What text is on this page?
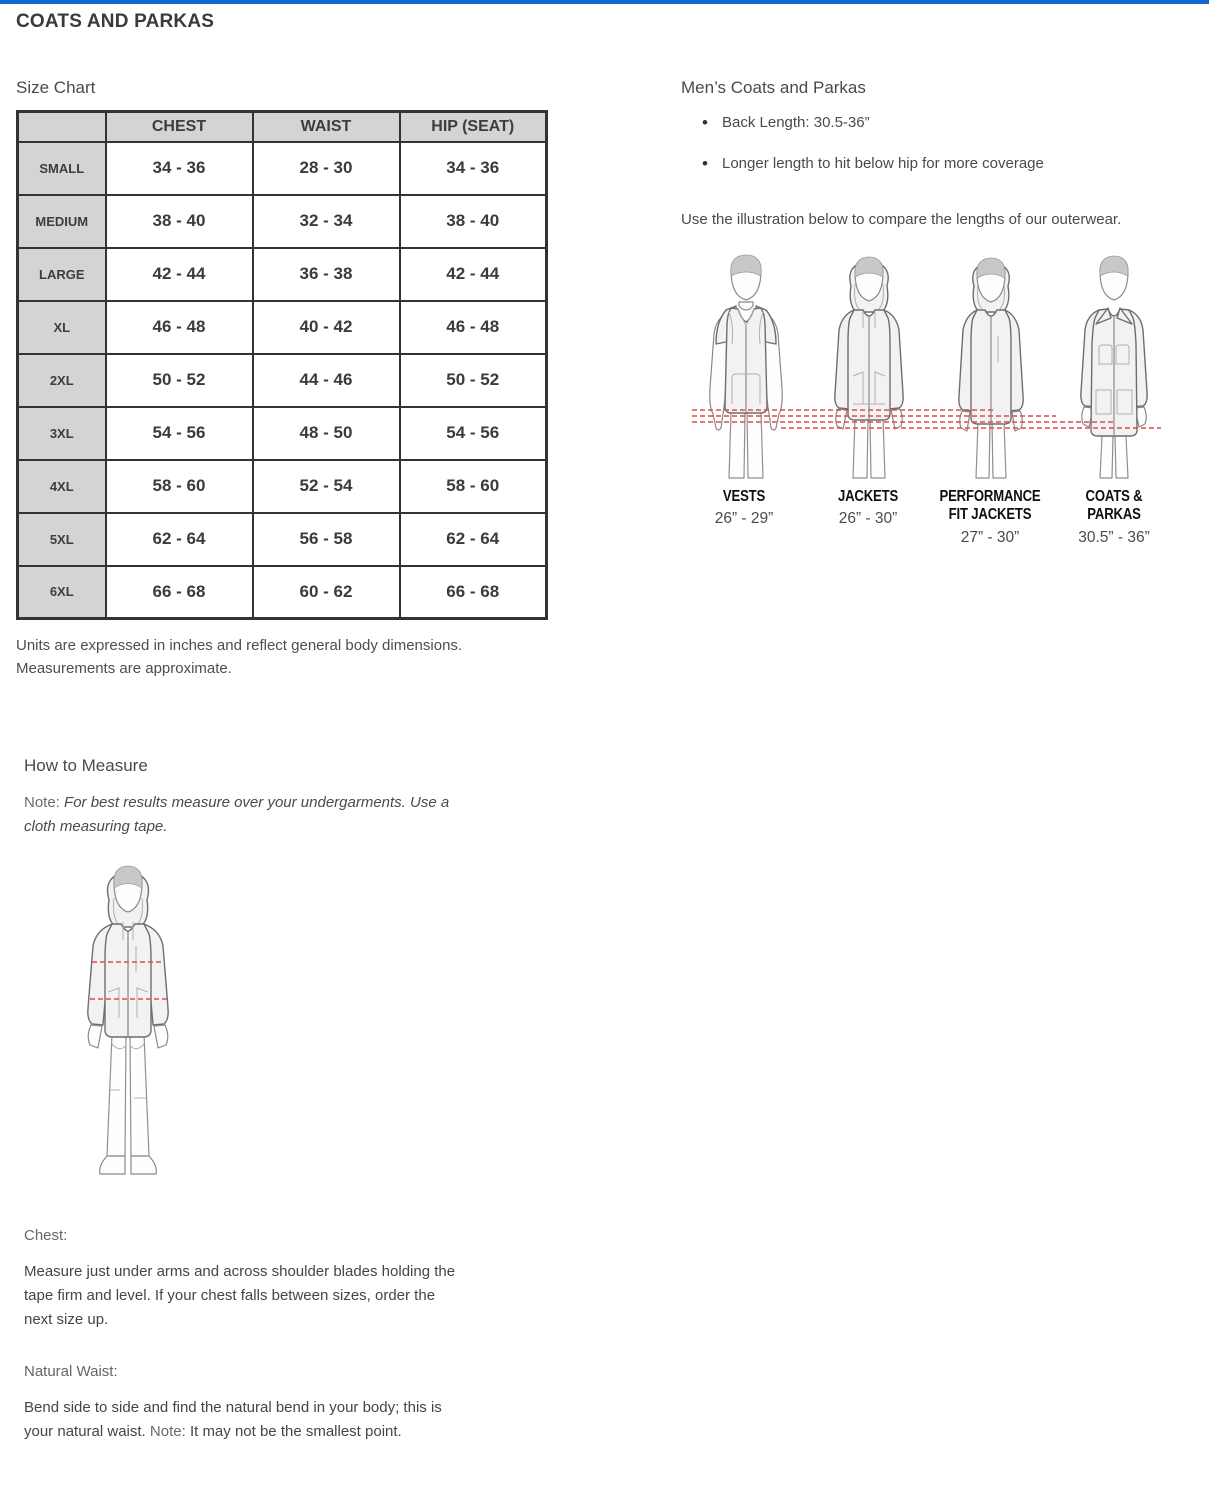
COATS AND PARKAS
Size Chart
	CHEST	WAIST	HIP (SEAT)
SMALL	34 - 36	28 - 30	34 - 36
MEDIUM	38 - 40	32 - 34	38 - 40
LARGE	42 - 44	36 - 38	42 - 44
XL	46 - 48	40 - 42	46 - 48
2XL	50 - 52	44 - 46	50 - 52
3XL	54 - 56	48 - 50	54 - 56
4XL	58 - 60	52 - 54	58 - 60
5XL	62 - 64	56 - 58	62 - 64
6XL	66 - 68	60 - 62	66 - 68

Units are expressed in inches and reflect general body dimensions. Measurements are approximate.

Men’s Coats and Parkas
• Back Length: 30.5-36”
• Longer length to hit below hip for more coverage

Use the illustration below to compare the lengths of our outerwear.

VESTS
26” - 29”
JACKETS
26” - 30”
PERFORMANCE FIT JACKETS
27” - 30”
COATS & PARKAS
30.5” - 36”
How to Measure

Note: For best results measure over your undergarments. Use a cloth measuring tape.

Chest:

Measure just under arms and across shoulder blades holding the tape firm and level. If your chest falls between sizes, order the next size up.

Natural Waist:

Bend side to side and find the natural bend in your body; this is your natural waist. Note: It may not be the smallest point.
